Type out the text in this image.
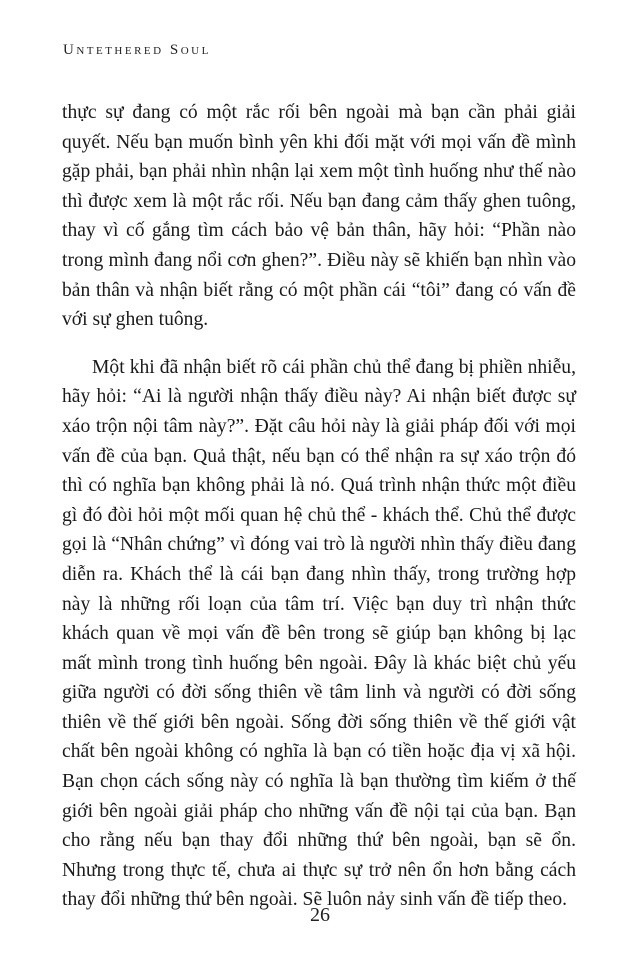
Untethered Soul

thực sự đang có một rắc rối bên ngoài mà bạn cần phải giải quyết. Nếu bạn muốn bình yên khi đối mặt với mọi vấn đề mình gặp phải, bạn phải nhìn nhận lại xem một tình huống như thế nào thì được xem là một rắc rối. Nếu bạn đang cảm thấy ghen tuông, thay vì cố gắng tìm cách bảo vệ bản thân, hãy hỏi: “Phần nào trong mình đang nổi cơn ghen?”. Điều này sẽ khiến bạn nhìn vào bản thân và nhận biết rằng có một phần cái “tôi” đang có vấn đề với sự ghen tuông.

Một khi đã nhận biết rõ cái phần chủ thể đang bị phiền nhiễu, hãy hỏi: “Ai là người nhận thấy điều này? Ai nhận biết được sự xáo trộn nội tâm này?”. Đặt câu hỏi này là giải pháp đối với mọi vấn đề của bạn. Quả thật, nếu bạn có thể nhận ra sự xáo trộn đó thì có nghĩa bạn không phải là nó. Quá trình nhận thức một điều gì đó đòi hỏi một mối quan hệ chủ thể - khách thể. Chủ thể được gọi là “Nhân chứng” vì đóng vai trò là người nhìn thấy điều đang diễn ra. Khách thể là cái bạn đang nhìn thấy, trong trường hợp này là những rối loạn của tâm trí. Việc bạn duy trì nhận thức khách quan về mọi vấn đề bên trong sẽ giúp bạn không bị lạc mất mình trong tình huống bên ngoài. Đây là khác biệt chủ yếu giữa người có đời sống thiên về tâm linh và người có đời sống thiên về thế giới bên ngoài. Sống đời sống thiên về thế giới vật chất bên ngoài không có nghĩa là bạn có tiền hoặc địa vị xã hội. Bạn chọn cách sống này có nghĩa là bạn thường tìm kiếm ở thế giới bên ngoài giải pháp cho những vấn đề nội tại của bạn. Bạn cho rằng nếu bạn thay đổi những thứ bên ngoài, bạn sẽ ổn. Nhưng trong thực tế, chưa ai thực sự trở nên ổn hơn bằng cách thay đổi những thứ bên ngoài. Sẽ luôn nảy sinh vấn đề tiếp theo.

26
